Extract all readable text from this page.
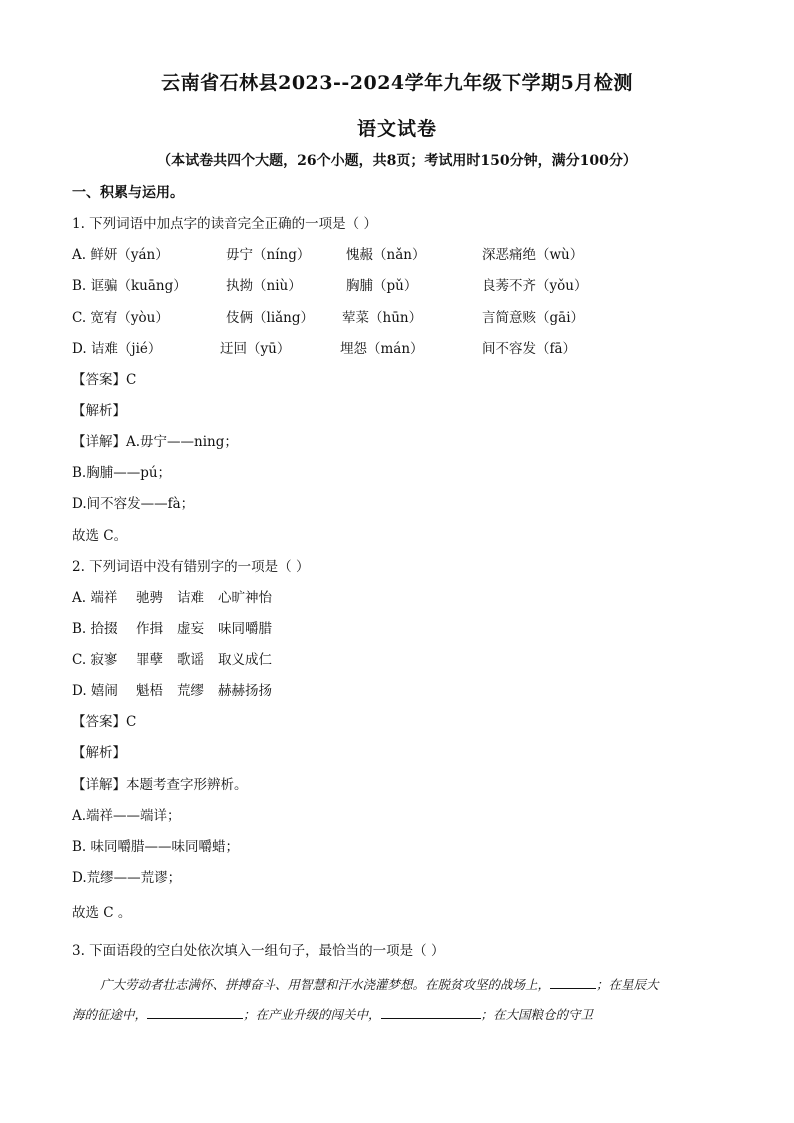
云南省石林县2023--2024学年九年级下学期5月检测
语文试卷
（本试卷共四个大题，26个小题，共8页；考试用时150分钟，满分100分）
一、积累与运用。
1. 下列词语中加点字的读音完全正确的一项是（ ）
A. 鲜妍（yán）	毋宁（níng）	愧赧（nǎn）	深恶痛绝（wù）
B. 诓骗（kuāng）	执拗（niù）	胸脯（pǔ）	良莠不齐（yǒu）
C. 宽宥（yòu）	伎俩（liǎng） 荤菜（hūn）	言简意赅（gāi）
D. 诘难（jié）	迂回（yū）	埋怨（mán）	间不容发（fā）
【答案】C
【解析】
【详解】A.毋宁——ning；
B.胸脯——pú；
D.间不容发——fà；
故选 C。
2. 下列词语中没有错别字的一项是（ ）
A. 端祥 驰骋 诘难 心旷神怡
B. 拾掇 作揖 虚妄 味同嚼腊
C. 寂寥 罪孽 歌谣 取义成仁
D. 嬉闹 魁梧 荒缪 赫赫扬扬
【答案】C
【解析】
【详解】本题考查字形辨析。
A.端祥——端详；
B. 味同嚼腊——味同嚼蜡；
D.荒缪——荒谬；
故选 C 。
3. 下面语段的空白处依次填入一组句子，最恰当的一项是（ ）
广大劳动者壮志满怀、拼搏奋斗、用智慧和汗水浇灌梦想。在脱贫攻坚的战场上，	；在星辰大
海的征途中，	；在产业升级的闯关中，	；在大国粮仓的守卫
